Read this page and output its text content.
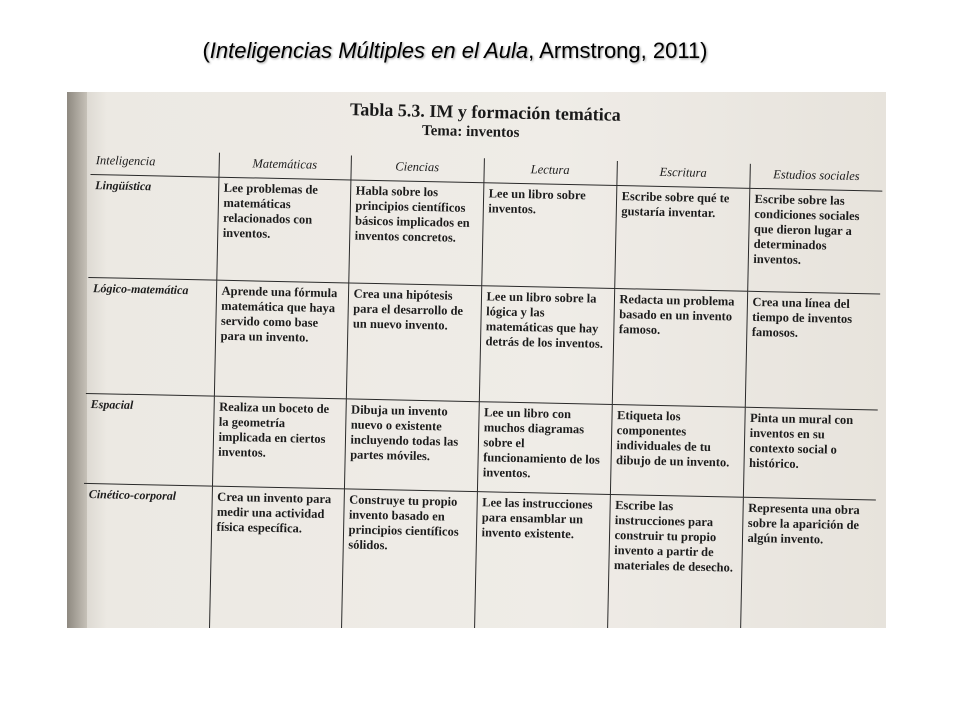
(Inteligencias Múltiples en el Aula, Armstrong, 2011)
Tabla 5.3. IM y formación temática
Tema: inventos
Inteligencia	Matemáticas	Ciencias	Lectura	Escritura	Estudios sociales
Lingüística	Lee problemas de matemáticas relacionados con inventos.	Habla sobre los principios científicos básicos implicados en inventos concretos.	Lee un libro sobre inventos.	Escribe sobre qué te gustaría inventar.	Escribe sobre las condiciones sociales que dieron lugar a determinados inventos.
Lógico-matemática	Aprende una fórmula matemática que haya servido como base para un invento.	Crea una hipótesis para el desarrollo de un nuevo invento.	Lee un libro sobre la lógica y las matemáticas que hay detrás de los inventos.	Redacta un problema basado en un invento famoso.	Crea una línea del tiempo de inventos famosos.
Espacial	Realiza un boceto de la geometría implicada en ciertos inventos.	Dibuja un invento nuevo o existente incluyendo todas las partes móviles.	Lee un libro con muchos diagramas sobre el funcionamiento de los inventos.	Etiqueta los componentes individuales de tu dibujo de un invento.	Pinta un mural con inventos en su contexto social o histórico.
Cinético-corporal	Crea un invento para medir una actividad física específica.	Construye tu propio invento basado en principios científicos sólidos.	Lee las instrucciones para ensamblar un invento existente.	Escribe las instrucciones para construir tu propio invento a partir de materiales de desecho.	Representa una obra sobre la aparición de algún invento.
